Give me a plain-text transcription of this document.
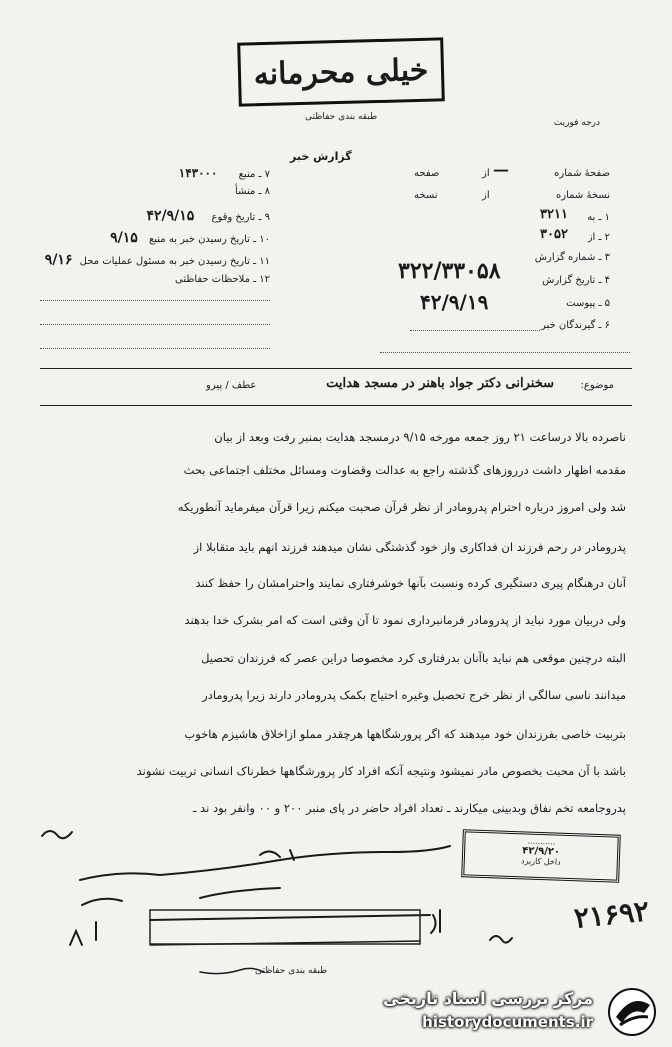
خیلی محرمانه
طبقه بندی حفاظتی
درجه فوریت
گزارش خبر
صفحهٔ شماره
—
از
صفحه
نسخهٔ شماره
از
نسخه
۱ ـ به
۳۲۱۱
۲ ـ از
۳۰۵۲
۳ ـ شماره گزارش
۳۲۲/۳۳۰۵۸	۴ ـ تاریخ گزارش
۵ ـ پیوست
۴۲/۹/۱۹
۶ ـ گیرندگان خبر
۷ ـ منبع ۱۴۳۰۰۰
۸ ـ منشأ
۹ ـ تاریخ وقوع ۴۲/۹/۱۵
۱۰ ـ تاریخ رسیدن خبر به منبع ۹/۱۵
۱۱ ـ تاریخ رسیدن خبر به مسئول عملیات محل ۹/۱۶
۱۲ ـ ملاحظات حفاظتی
موضوع:
سخنرانی دکتر جواد باهنر در مسجد هدایت
عطف / پیرو
ناصرده بالا درساعت ۲۱ روز جمعه مورخه ۹/۱۵ درمسجد هدایت بمنبر رفت وبعد از بیان
مقدمه اظهار داشت درروزهای گذشته راجع به عدالت وقضاوت ومسائل مختلف اجتماعی بحث
شد ولی امروز درباره احترام پدرومادر از نظر قرآن صحبت میکنم زیرا قرآن میفرماید آنطوریکه
پدرومادر در رحم فرزند ان فداکاری واز خود گذشتگی نشان میدهند فرزند انهم باید متقابلا از
آنان درهنگام پیری دستگیری کرده ونسبت بآنها خوشرفتاری نمایند واحترامشان را حفظ کنند
ولی دربیان مورد نباید از پدرومادر فرمانبرداری نمود تا آن وقتی است که امر بشرک خدا بدهند
البته درچنین موقعی هم نباید باآنان بدرفتاری کرد مخصوصا دراین عصر که فرزندان تحصیل
میدانند ناسی سالگی از نظر خرج تحصیل وغیره احتیاج بکمک پدرومادر دارند زیرا پدرومادر
بتربیت خاصی بفرزندان خود میدهند که اگر پرورشگاهها هرچقدر مملو ازاخلاق هاشیزم هاخوب
باشد با آن محبت بخصوص مادر نمیشود ونتیجه آنکه افراد کار پرورشگاهها خطرناک انسانی تربیت نشوند
پدروجامعه تخم نفاق وبدبینی میکارند ـ تعداد افراد حاضر در پای منبر ۲۰۰ و ۰۰ وانفر بود ند ـ
...........
۴۲/۹/۲۰
داخل کاربرد
۲۱۶۹۲
طبقه بندی حفاظتی
مرکز بررسی اسناد تاریخی
historydocuments.ir
